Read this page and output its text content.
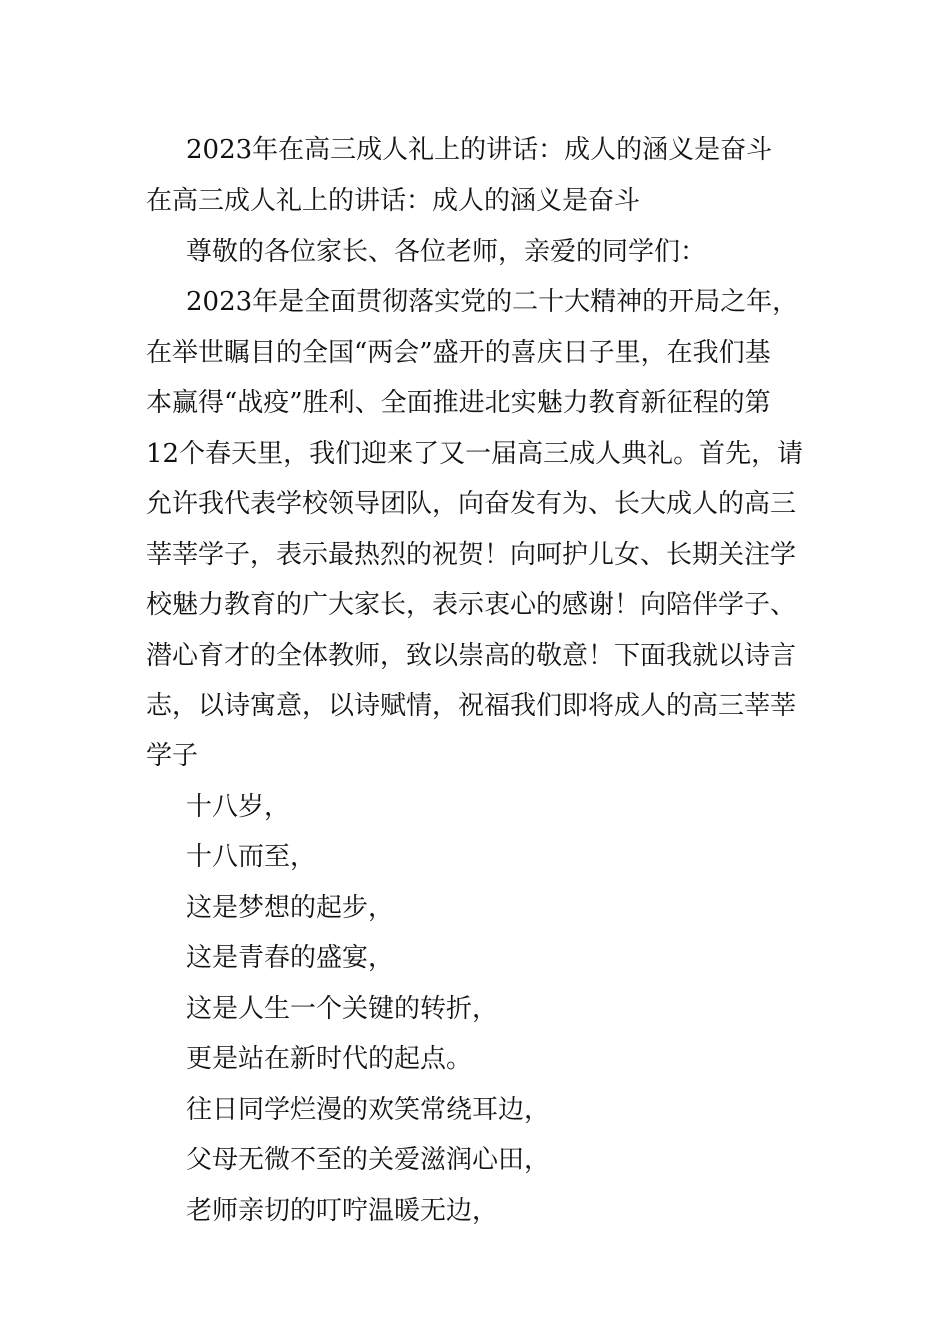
2023年在高三成人礼上的讲话：成人的涵义是奋斗
在高三成人礼上的讲话：成人的涵义是奋斗
尊敬的各位家长、各位老师，亲爱的同学们：
2023年是全面贯彻落实党的二十大精神的开局之年，
在举世瞩目的全国“两会”盛开的喜庆日子里，在我们基
本赢得“战疫”胜利、全面推进北实魅力教育新征程的第
12个春天里，我们迎来了又一届高三成人典礼。首先，请
允许我代表学校领导团队，向奋发有为、长大成人的高三
莘莘学子，表示最热烈的祝贺！向呵护儿女、长期关注学
校魅力教育的广大家长，表示衷心的感谢！向陪伴学子、
潜心育才的全体教师，致以崇高的敬意！下面我就以诗言
志，以诗寓意，以诗赋情，祝福我们即将成人的高三莘莘
学子
十八岁，
十八而至，
这是梦想的起步，
这是青春的盛宴，
这是人生一个关键的转折，
更是站在新时代的起点。
往日同学烂漫的欢笑常绕耳边，
父母无微不至的关爱滋润心田，
老师亲切的叮咛温暖无边，
